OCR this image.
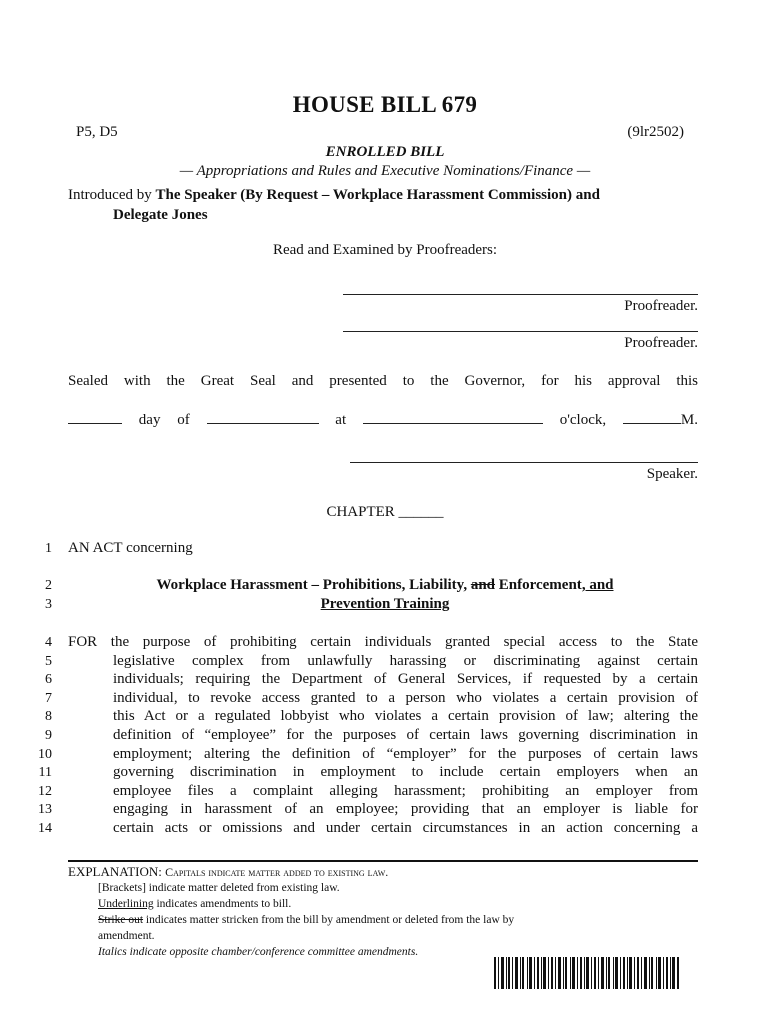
HOUSE BILL 679
P5, D5	(9lr2502)
ENROLLED BILL
— Appropriations and Rules and Executive Nominations/Finance —
Introduced by The Speaker (By Request – Workplace Harassment Commission) and
Delegate Jones
Read and Examined by Proofreaders:
Proofreader.
Proofreader.
Sealed with the Great Seal and presented to the Governor, for his approval this
day of	at	o'clock,	M.
Speaker.
CHAPTER ______
1
2
3
4
5
6
7
8
9
10
11
12
13
14
AN ACT concerning
Workplace Harassment – Prohibitions, Liability, and Enforcement, and
Prevention Training
FOR the purpose of prohibiting certain individuals granted special access to the State
legislative complex from unlawfully harassing or discriminating against certain
individuals; requiring the Department of General Services, if requested by a certain
individual, to revoke access granted to a person who violates a certain provision of
this Act or a regulated lobbyist who violates a certain provision of law; altering the
definition of “employee” for the purposes of certain laws governing discrimination in
employment; altering the definition of “employer” for the purposes of certain laws
governing discrimination in employment to include certain employers when an
employee files a complaint alleging harassment; prohibiting an employer from
engaging in harassment of an employee; providing that an employer is liable for
certain acts or omissions and under certain circumstances in an action concerning a
EXPLANATION: Capitals indicate matter added to existing law.
[Brackets] indicate matter deleted from existing law.
Underlining indicates amendments to bill.
Strike out indicates matter stricken from the bill by amendment or deleted from the law by
amendment.
Italics indicate opposite chamber/conference committee amendments.
